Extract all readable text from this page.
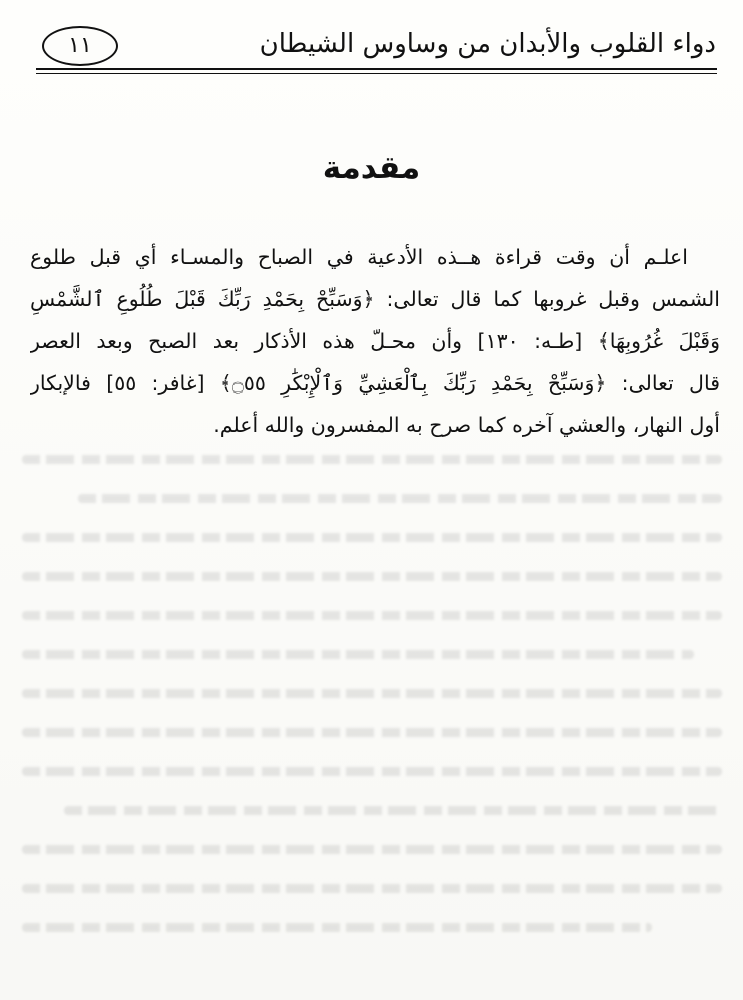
١١	دواء القلوب والأبدان من وساوس الشيطان
مقدمة
اعلـم أن وقت قراءة هــذه الأدعية في الصباح والمسـاء أي قبل طلوع
الشمس وقبل غروبها كما قال تعالى: ﴿وَسَبِّحْ بِحَمْدِ رَبِّكَ قَبْلَ طُلُوعِ ٱلشَّمْسِ
وَقَبْلَ غُرُوبِهَا﴾ [طـه: ١٣٠] وأن محـلّ هذه الأذكار بعد الصبح وبعد العصر
قال تعالى: ﴿وَسَبِّحْ بِحَمْدِ رَبِّكَ بِٱلْعَشِيِّ وَٱلْإِبْكَٰرِ ۝٥٥﴾ [غافر: ٥٥] فالإبكار
أول النهار، والعشي آخره كما صرح به المفسرون والله أعلم.
